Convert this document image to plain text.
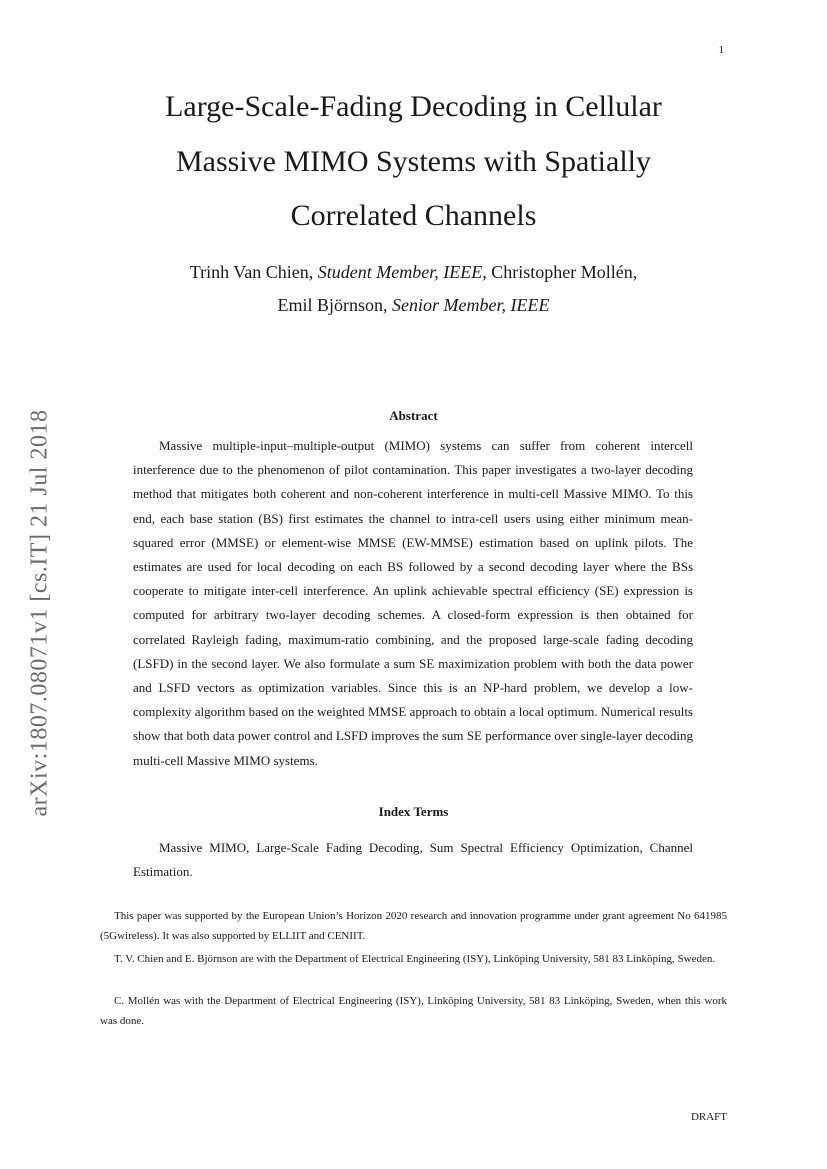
1
arXiv:1807.08071v1 [cs.IT] 21 Jul 2018
Large-Scale-Fading Decoding in Cellular
Massive MIMO Systems with Spatially
Correlated Channels
Trinh Van Chien, Student Member, IEEE, Christopher Mollén,
Emil Björnson, Senior Member, IEEE
Abstract

Massive multiple-input–multiple-output (MIMO) systems can suffer from coherent intercell interference due to the phenomenon of pilot contamination. This paper investigates a two-layer decoding method that mitigates both coherent and non-coherent interference in multi-cell Massive MIMO. To this end, each base station (BS) first estimates the channel to intra-cell users using either minimum mean-squared error (MMSE) or element-wise MMSE (EW-MMSE) estimation based on uplink pilots. The estimates are used for local decoding on each BS followed by a second decoding layer where the BSs cooperate to mitigate inter-cell interference. An uplink achievable spectral efficiency (SE) expression is computed for arbitrary two-layer decoding schemes. A closed-form expression is then obtained for correlated Rayleigh fading, maximum-ratio combining, and the proposed large-scale fading decoding (LSFD) in the second layer. We also formulate a sum SE maximization problem with both the data power and LSFD vectors as optimization variables. Since this is an NP-hard problem, we develop a low-complexity algorithm based on the weighted MMSE approach to obtain a local optimum. Numerical results show that both data power control and LSFD improves the sum SE performance over single-layer decoding multi-cell Massive MIMO systems.

Index Terms

Massive MIMO, Large-Scale Fading Decoding, Sum Spectral Efficiency Optimization, Channel Estimation.

This paper was supported by the European Union’s Horizon 2020 research and innovation programme under grant agreement No 641985 (5Gwireless). It was also supported by ELLIIT and CENIIT.

T. V. Chien and E. Björnson are with the Department of Electrical Engineering (ISY), Linköping University, 581 83 Linköping, Sweden.

C. Mollén was with the Department of Electrical Engineering (ISY), Linköping University, 581 83 Linköping, Sweden, when this work was done.

DRAFT
